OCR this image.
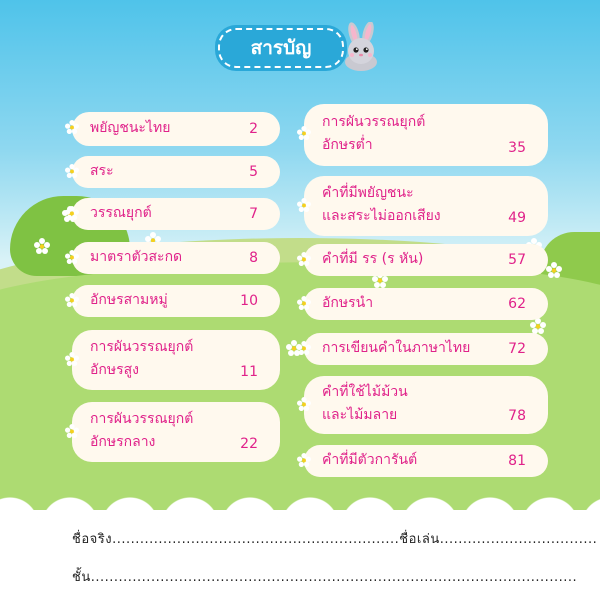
สารบัญ
พยัญชนะไทย	2
สระ	5
วรรณยุกต์	7
มาตราตัวสะกด	8
อักษรสามหมู่	10
การผันวรรณยุกต์
อักษรสูง	11
การผันวรรณยุกต์
อักษรกลาง	22
การผันวรรณยุกต์
อักษรต่ำ	35
คำที่มีพยัญชนะ
และสระไม่ออกเสียง	49
คำที่มี รร (ร หัน)	57
อักษรนำ	62
การเขียนคำในภาษาไทย	72
คำที่ใช้ไม้ม้วน
และไม้มลาย	78
คำที่มีตัวการันต์	81
ชื่อจริง..............................................................ชื่อเล่น..................................
ชั้น.........................................................................................................
